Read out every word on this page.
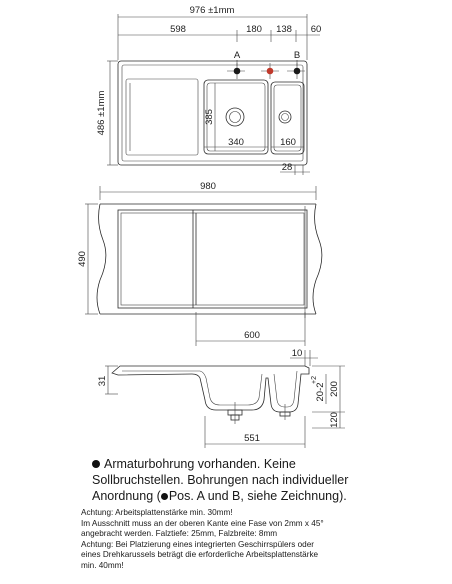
976 ±1mm
598	180 138 60
A	B
486 ±1mm	385
340	160
28
980
490
600
10
31
200
20-2
+2
120
551
Armaturbohrung vorhanden. Keine
Sollbruchstellen. Bohrungen nach individueller
Anordnung ( Pos. A und B, siehe Zeichnung).
Achtung: Arbeitsplattenstärke min. 30mm!
Im Ausschnitt muss an der oberen Kante eine Fase von 2mm x 45°
angebracht werden. Falztiefe: 25mm, Falzbreite: 8mm
Achtung: Bei Platzierung eines integrierten Geschirrspülers oder
eines Drehkarussels beträgt die erforderliche Arbeitsplattenstärke
min. 40mm!
